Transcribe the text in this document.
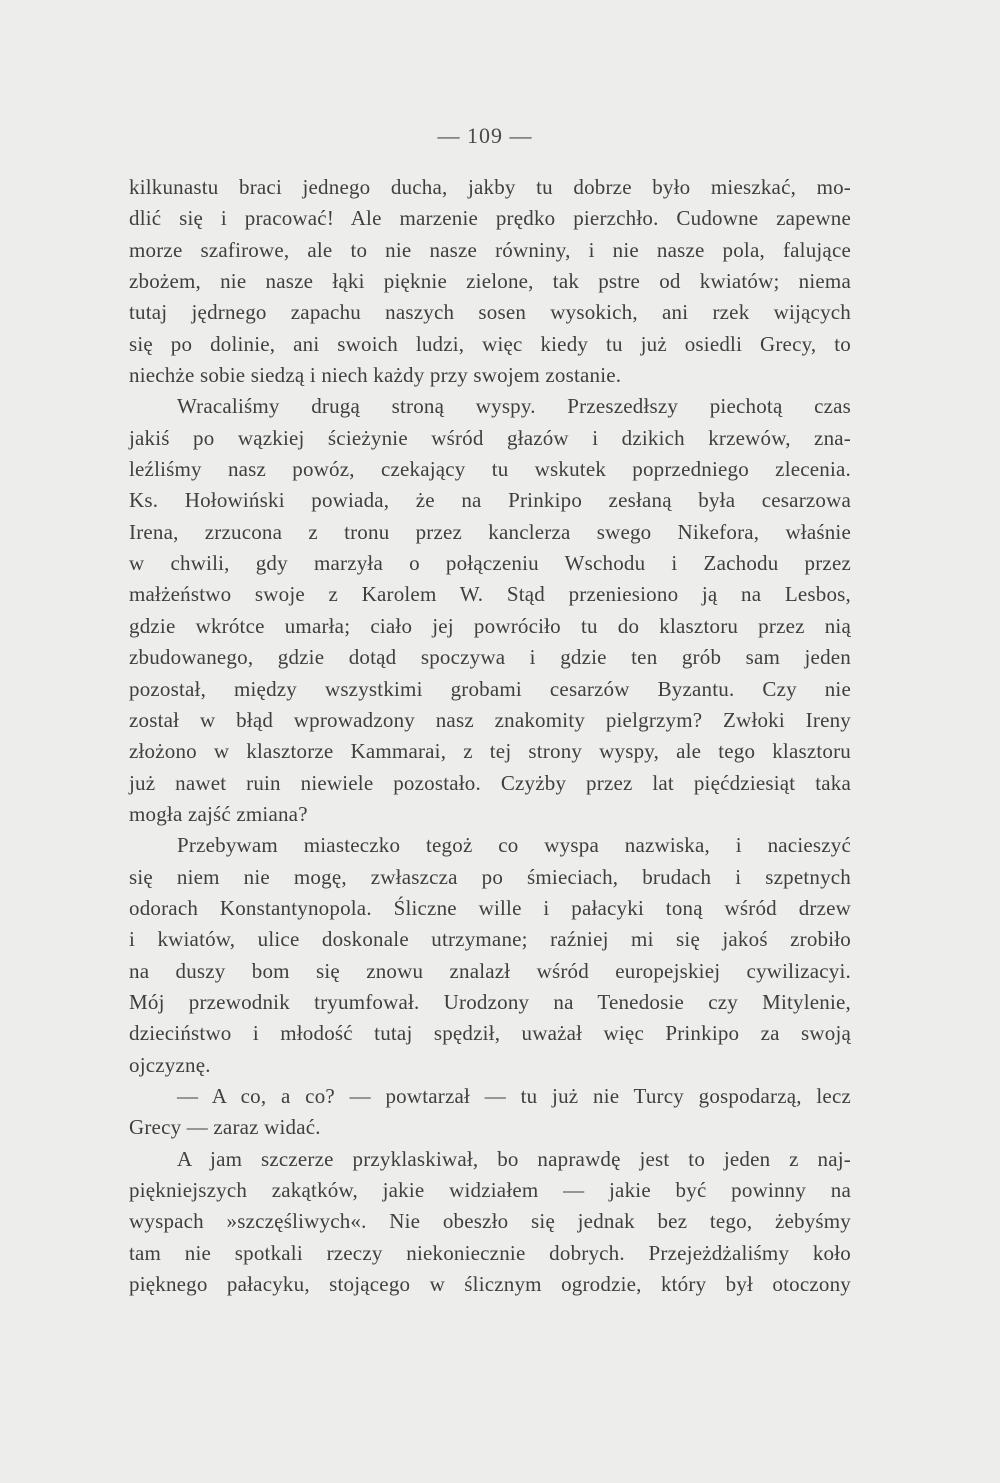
— 109 —
kilkunastu braci jednego ducha, jakby tu dobrze było mieszkać, mo-
dlić się i pracować! Ale marzenie prędko pierzchło. Cudowne zapewne
morze szafirowe, ale to nie nasze równiny, i nie nasze pola, falujące
zbożem, nie nasze łąki pięknie zielone, tak pstre od kwiatów; niema
tutaj jędrnego zapachu naszych sosen wysokich, ani rzek wijących
się po dolinie, ani swoich ludzi, więc kiedy tu już osiedli Grecy, to
niechże sobie siedzą i niech każdy przy swojem zostanie.
Wracaliśmy drugą stroną wyspy. Przeszedłszy piechotą czas
jakiś po wązkiej ścieżynie wśród głazów i dzikich krzewów, zna-
leźliśmy nasz powóz, czekający tu wskutek poprzedniego zlecenia.
Ks. Hołowiński powiada, że na Prinkipo zesłaną była cesarzowa
Irena, zrzucona z tronu przez kanclerza swego Nikefora, właśnie
w chwili, gdy marzyła o połączeniu Wschodu i Zachodu przez
małżeństwo swoje z Karolem W. Stąd przeniesiono ją na Lesbos,
gdzie wkrótce umarła; ciało jej powróciło tu do klasztoru przez nią
zbudowanego, gdzie dotąd spoczywa i gdzie ten grób sam jeden
pozostał, między wszystkimi grobami cesarzów Byzantu. Czy nie
został w błąd wprowadzony nasz znakomity pielgrzym? Zwłoki Ireny
złożono w klasztorze Kammarai, z tej strony wyspy, ale tego klasztoru
już nawet ruin niewiele pozostało. Czyżby przez lat pięćdziesiąt taka
mogła zajść zmiana?
Przebywam miasteczko tegoż co wyspa nazwiska, i nacieszyć
się niem nie mogę, zwłaszcza po śmieciach, brudach i szpetnych
odorach Konstantynopola. Śliczne wille i pałacyki toną wśród drzew
i kwiatów, ulice doskonale utrzymane; raźniej mi się jakoś zrobiło
na duszy bom się znowu znalazł wśród europejskiej cywilizacyi.
Mój przewodnik tryumfował. Urodzony na Tenedosie czy Mitylenie,
dzieciństwo i młodość tutaj spędził, uważał więc Prinkipo za swoją
ojczyznę.
— A co, a co? — powtarzał — tu już nie Turcy gospodarzą, lecz
Grecy — zaraz widać.
A jam szczerze przyklaskiwał, bo naprawdę jest to jeden z naj-
piękniejszych zakątków, jakie widziałem — jakie być powinny na
wyspach »szczęśliwych«. Nie obeszło się jednak bez tego, żebyśmy
tam nie spotkali rzeczy niekoniecznie dobrych. Przejeżdżaliśmy koło
pięknego pałacyku, stojącego w ślicznym ogrodzie, który był otoczony
